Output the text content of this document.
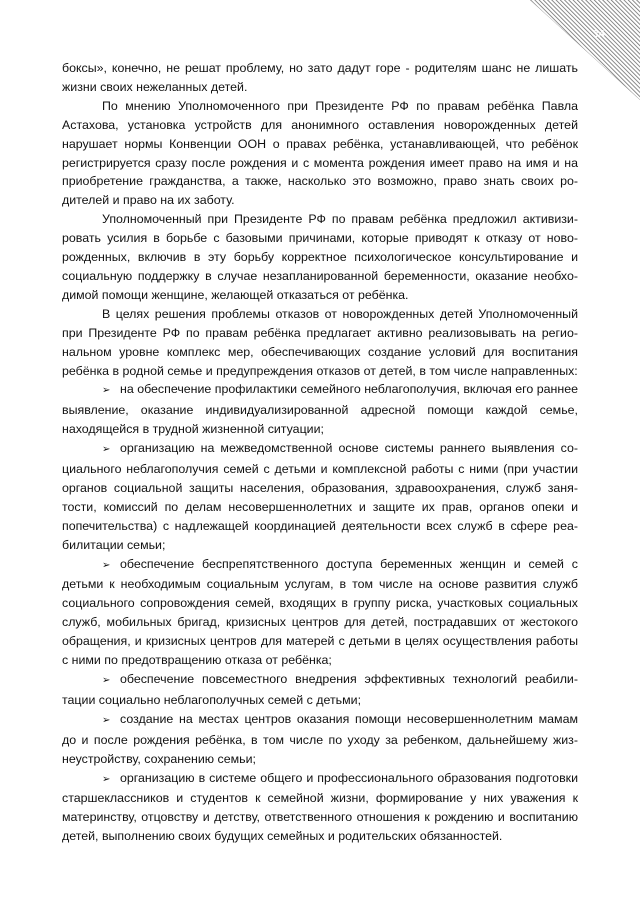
34

боксы», конечно, не решат проблему, но зато дадут горе - родителям шанс не лишать жизни своих нежеланных детей.

По мнению Уполномоченного при Президенте РФ по правам ребёнка Павла Астахова, установка устройств для анонимного оставления новорожденных детей нарушает нормы Конвенции ООН о правах ребёнка, устанавливающей, что ребёнок регистрируется сразу после рождения и с момента рождения имеет право на имя и на приобретение гражданства, а также, насколько это возможно, право знать своих родителей и право на их заботу.

Уполномоченный при Президенте РФ по правам ребёнка предложил активизировать усилия в борьбе с базовыми причинами, которые приводят к отказу от новорожденных, включив в эту борьбу корректное психологическое консультирование и социальную поддержку в случае незапланированной беременности, оказание необходимой помощи женщине, желающей отказаться от ребёнка.

В целях решения проблемы отказов от новорожденных детей Уполномоченный при Президенте РФ по правам ребёнка предлагает активно реализовывать на региональном уровне комплекс мер, обеспечивающих создание условий для воспитания ребёнка в родной семье и предупреждения отказов от детей, в том числе направленных:

➢ на обеспечение профилактики семейного неблагополучия, включая его раннее выявление, оказание индивидуализированной адресной помощи каждой семье, находящейся в трудной жизненной ситуации;

➢ организацию на межведомственной основе системы раннего выявления социального неблагополучия семей с детьми и комплексной работы с ними (при участии органов социальной защиты населения, образования, здравоохранения, служб занятости, комиссий по делам несовершеннолетних и защите их прав, органов опеки и попечительства) с надлежащей координацией деятельности всех служб в сфере реабилитации семьи;

➢ обеспечение беспрепятственного доступа беременных женщин и семей с детьми к необходимым социальным услугам, в том числе на основе развития служб социального сопровождения семей, входящих в группу риска, участковых социальных служб, мобильных бригад, кризисных центров для детей, пострадавших от жестокого обращения, и кризисных центров для матерей с детьми в целях осуществления работы с ними по предотвращению отказа от ребёнка;

➢ обеспечение повсеместного внедрения эффективных технологий реабилитации социально неблагополучных семей с детьми;

➢ создание на местах центров оказания помощи несовершеннолетним мамам до и после рождения ребёнка, в том числе по уходу за ребенком, дальнейшему жизнеустройству, сохранению семьи;

➢ организацию в системе общего и профессионального образования подготовки старшеклассников и студентов к семейной жизни, формирование у них уважения к материнству, отцовству и детству, ответственного отношения к рождению и воспитанию детей, выполнению своих будущих семейных и родительских обязанностей.
